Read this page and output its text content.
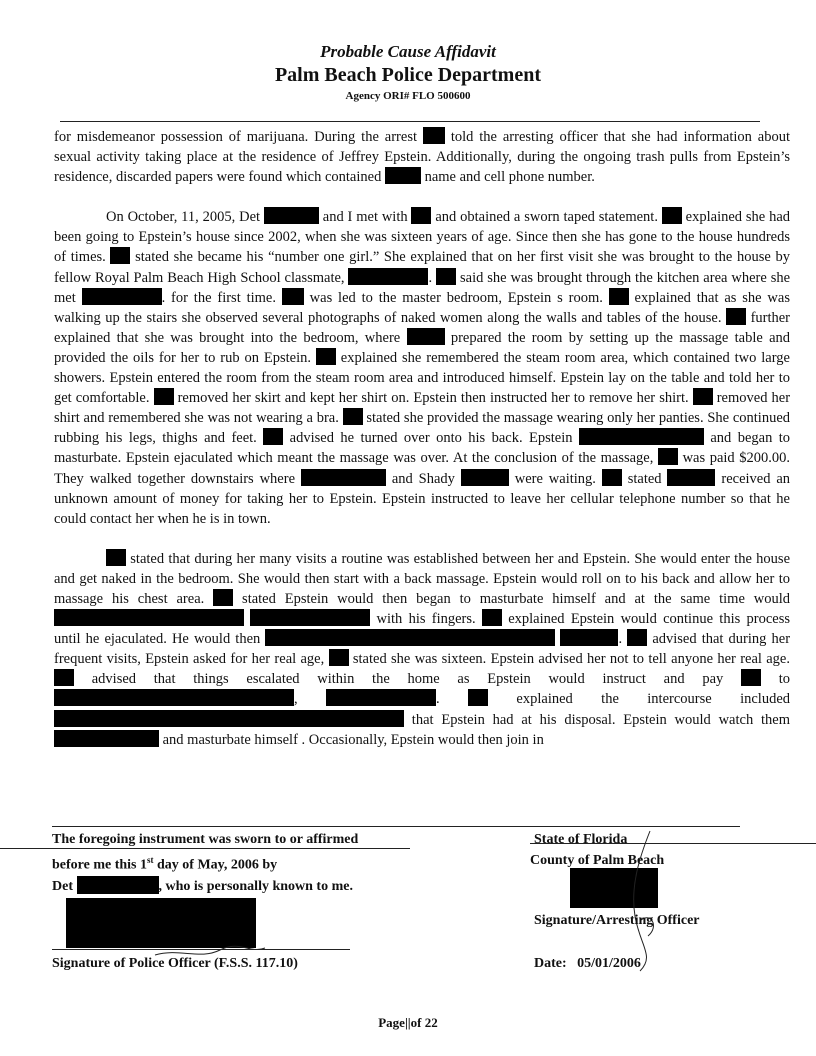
Probable Cause Affidavit
Palm Beach Police Department
Agency ORI# FLO 500600

for misdemeanor possession of marijuana. During the arrest told the arresting officer that she had information about sexual activity taking place at the residence of Jeffrey Epstein. Additionally, during the ongoing trash pulls from Epstein’s residence, discarded papers were found which contained	name and cell phone number.

On October, 11, 2005, Det	and I met with and obtained a sworn taped statement. explained she had been going to Epstein’s house since 2002, when she was sixteen years of age. Since then she has gone to the house hundreds of times. stated she became his “number one girl.” She explained that on her first visit she was brought to the house by fellow Royal Palm Beach High School classmate,	. said she was brought through the kitchen area where she met	. for the first time. was led to the master bedroom, Epstein s room. explained that as she was walking up the stairs she observed several photographs of naked women along the walls and tables of the house. further explained that she was brought into the bedroom, where	prepared the room by setting up the massage table and provided the oils for her to rub on Epstein. explained she remembered the steam room area, which contained two large showers. Epstein entered the room from the steam room area and introduced himself. Epstein lay on the table and told her to get comfortable. removed her skirt and kept her shirt on. Epstein then instructed her to remove her shirt. removed her shirt and remembered she was not wearing a bra. stated she provided the massage wearing only her panties. She continued rubbing his legs, thighs and feet. advised he turned over onto his back. Epstein	and began to masturbate. Epstein ejaculated which meant the massage was over. At the conclusion of the massage, was paid $200.00. They walked together downstairs where	and Shady	were waiting. stated	received an unknown amount of money for taking her to Epstein. Epstein instructed to leave her cellular telephone number so that he could contact her when he is in town.

stated that during her many visits a routine was established between her and Epstein. She would enter the house and get naked in the bedroom. She would then start with a back massage. Epstein would roll on to his back and allow her to massage his chest area.	stated Epstein would then began to masturbate himself and at the same time would   with his fingers. explained Epstein would continue this process until he ejaculated. He would then	. advised that during her frequent visits, Epstein asked for her real age, stated she was sixteen. Epstein advised her not to tell anyone her real age.  advised that things escalated within the home as Epstein would instruct and pay	to ,	.	explained the intercourse included  that Epstein had at his disposal. Epstein would watch them  and masturbate himself . Occasionally, Epstein would then join in

The foregoing instrument was sworn to or affirmed
before me this 1st day of May, 2006 by
Det	, who is personally known to me.
Signature of Police Officer (F.S.S. 117.10)
State of Florida
County of Palm Beach
Signature/Arresting Officer
Date: 05/01/2006
Page||of 22
